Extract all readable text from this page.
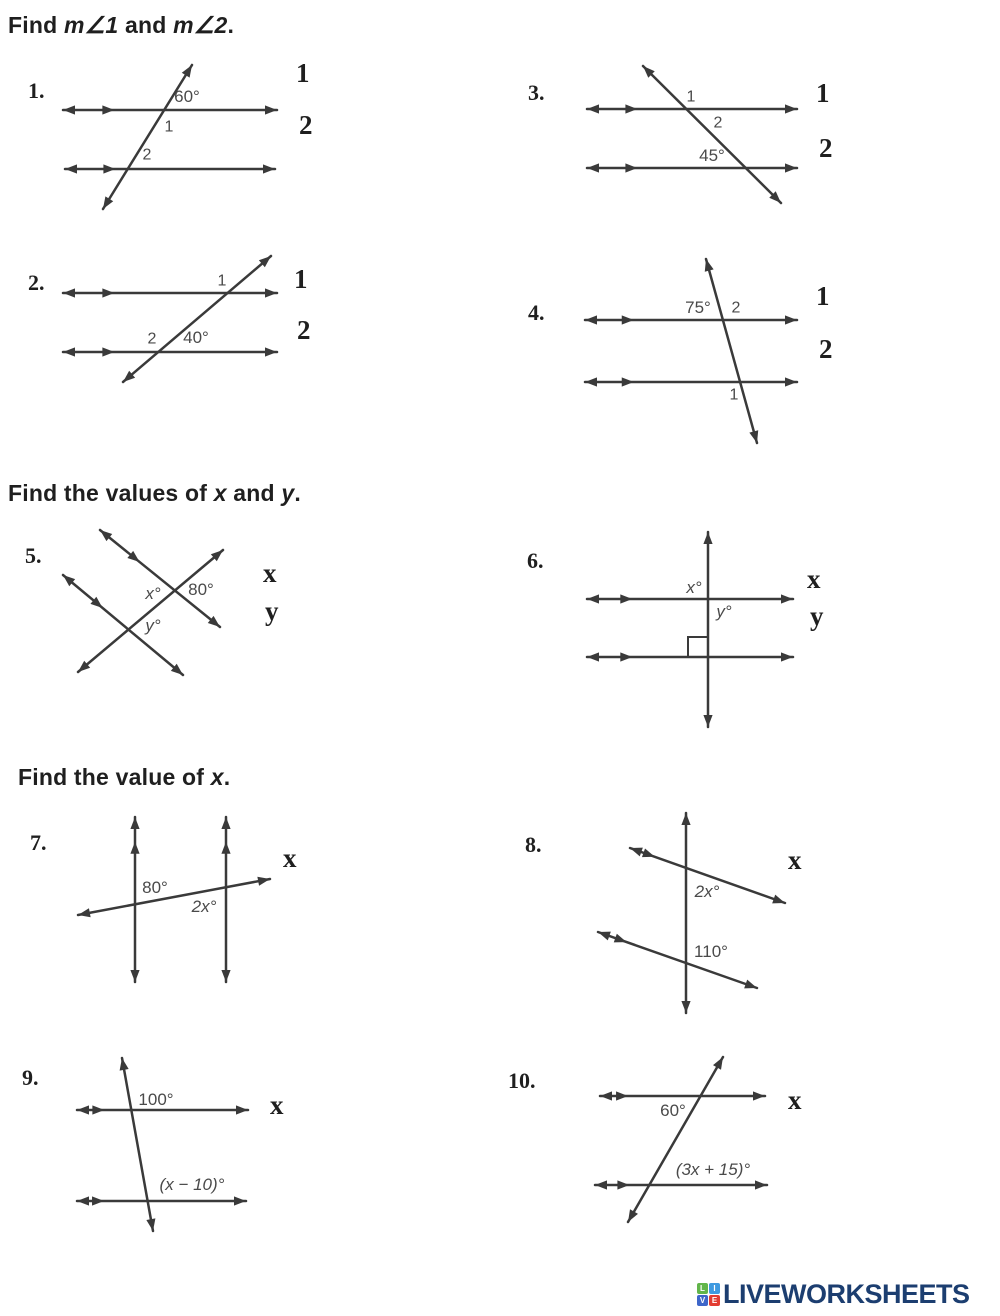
60°
1
2
1
2 40°
1
2
45°
75° 2
1
x° 80°
y°
x°
y°
80°
2x°
2x°
110°
100°
(x − 10)°
60°
(3x + 15)°
Find m∠1 and m∠2.
Find the values of x and y.
Find the value of x.
1.
1
2
2.	1
2
3.	1
2
4.
1
2
5.
x
y
6.
x
y
7.
x	8.
x
9.
x
10.
x
L	I
V E LIVEWORKSHEETS
